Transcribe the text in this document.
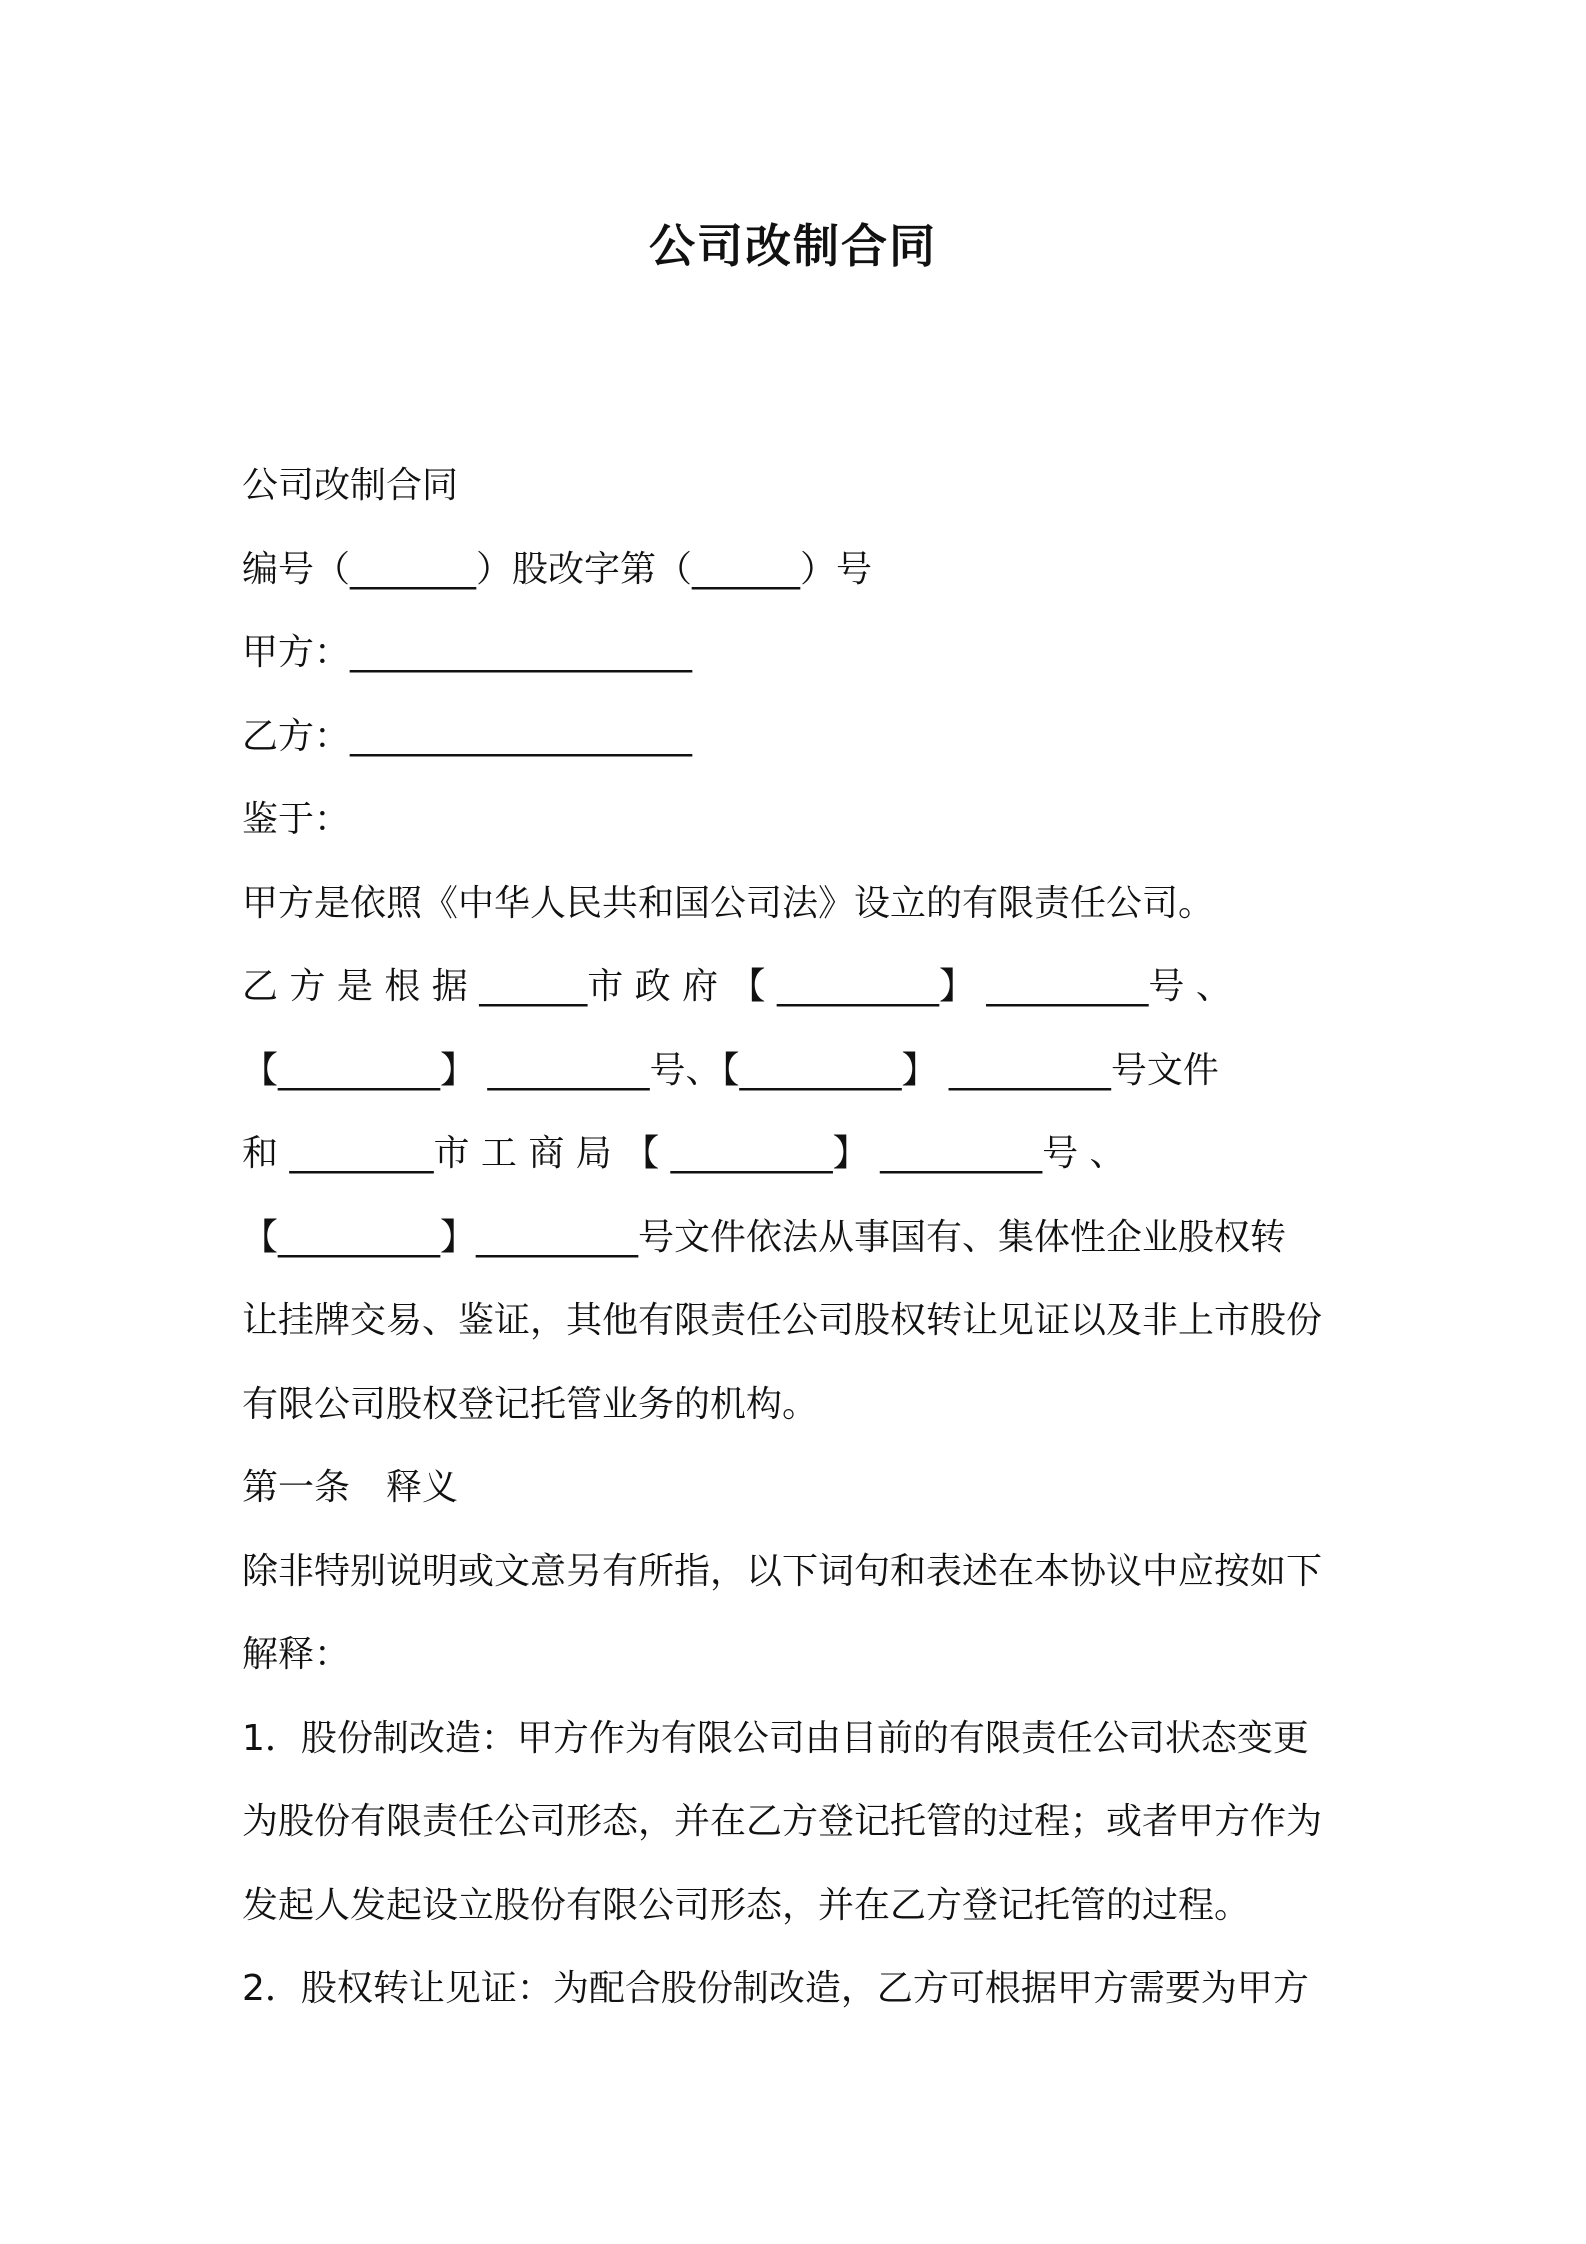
公司改制合同
公司改制合同
编号（_______）股改字第（______）号
甲方：___________________
乙方：___________________
鉴于：
甲方是依照《中华人民共和国公司法》设立的有限责任公司。
乙 方 是 根 据 ______市 政 府 【 _________】 _________号 、
【_________】 _________号、【_________】 _________号文件
和 ________市 工 商 局 【 _________】 _________号 、
【_________】_________号文件依法从事国有、集体性企业股权转
让挂牌交易、鉴证，其他有限责任公司股权转让见证以及非上市股份
有限公司股权登记托管业务的机构。
第一条　释义
除非特别说明或文意另有所指，以下词句和表述在本协议中应按如下
解释：
1．股份制改造：甲方作为有限公司由目前的有限责任公司状态变更
为股份有限责任公司形态，并在乙方登记托管的过程；或者甲方作为
发起人发起设立股份有限公司形态，并在乙方登记托管的过程。
2．股权转让见证：为配合股份制改造，乙方可根据甲方需要为甲方
